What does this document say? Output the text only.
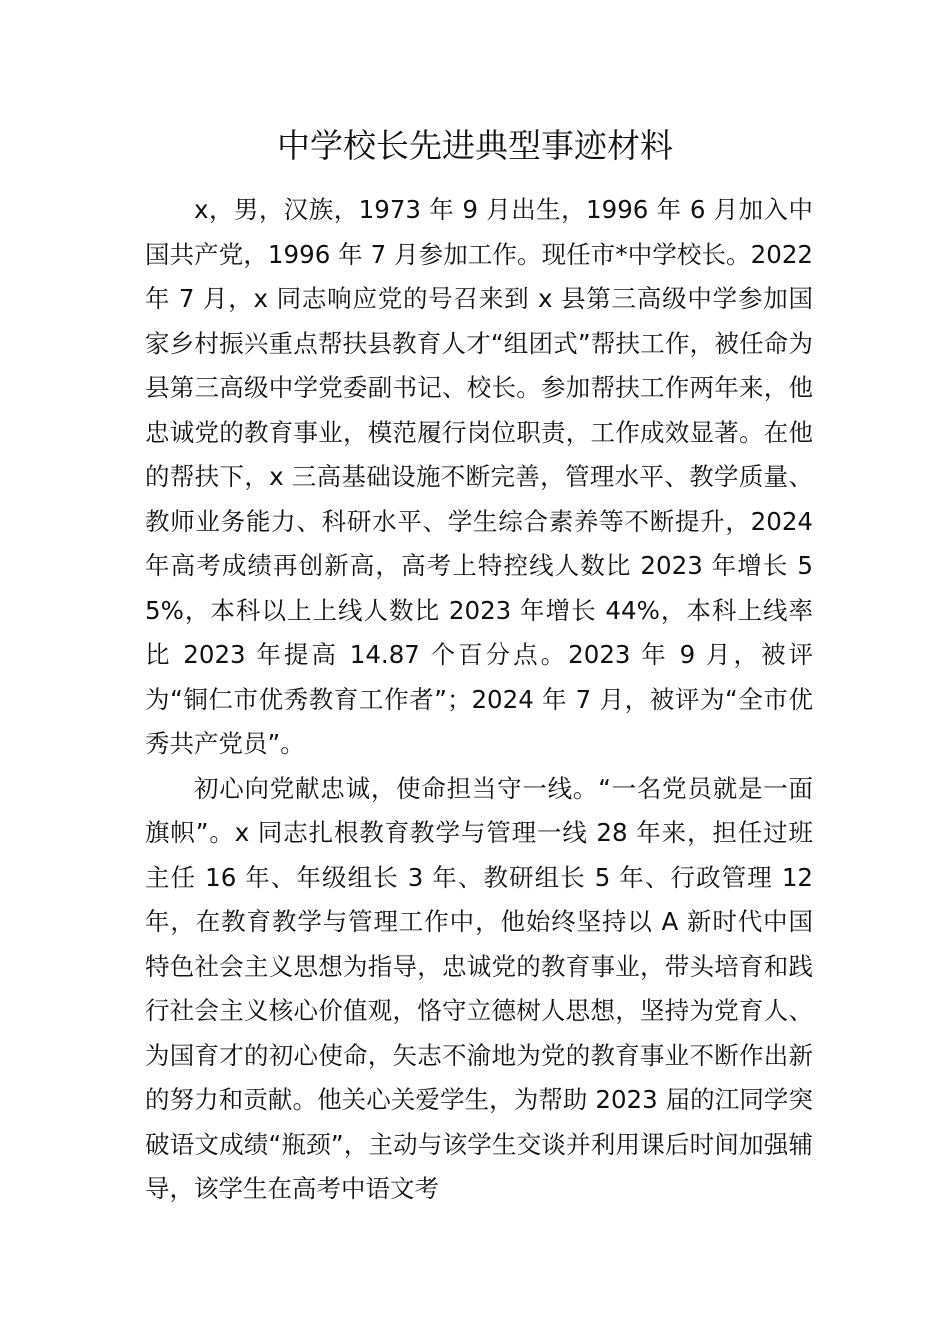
中学校长先进典型事迹材料

x，男，汉族，1973 年 9 月出生，1996 年 6 月加入中国共产党，1996 年 7 月参加工作。现任市*中学校长。2022 年 7 月，x 同志响应党的号召来到 x 县第三高级中学参加国家乡村振兴重点帮扶县教育人才“组团式”帮扶工作，被任命为县第三高级中学党委副书记、校长。参加帮扶工作两年来，他忠诚党的教育事业，模范履行岗位职责，工作成效显著。在他的帮扶下，x 三高基础设施不断完善，管理水平、教学质量、教师业务能力、科研水平、学生综合素养等不断提升，2024 年高考成绩再创新高，高考上特控线人数比 2023 年增长 55%，本科以上上线人数比 2023 年增长 44%，本科上线率比 2023 年提高 14.87 个百分点。2023 年 9 月，被评为“铜仁市优秀教育工作者”；2024 年 7 月，被评为“全市优秀共产党员”。

初心向党献忠诚，使命担当守一线。“一名党员就是一面旗帜”。x 同志扎根教育教学与管理一线 28 年来，担任过班主任 16 年、年级组长 3 年、教研组长 5 年、行政管理 12 年，在教育教学与管理工作中，他始终坚持以 A 新时代中国特色社会主义思想为指导，忠诚党的教育事业，带头培育和践行社会主义核心价值观，恪守立德树人思想，坚持为党育人、为国育才的初心使命，矢志不渝地为党的教育事业不断作出新的努力和贡献。他关心关爱学生，为帮助 2023 届的江同学突破语文成绩“瓶颈”，主动与该学生交谈并利用课后时间加强辅导，该学生在高考中语文考
